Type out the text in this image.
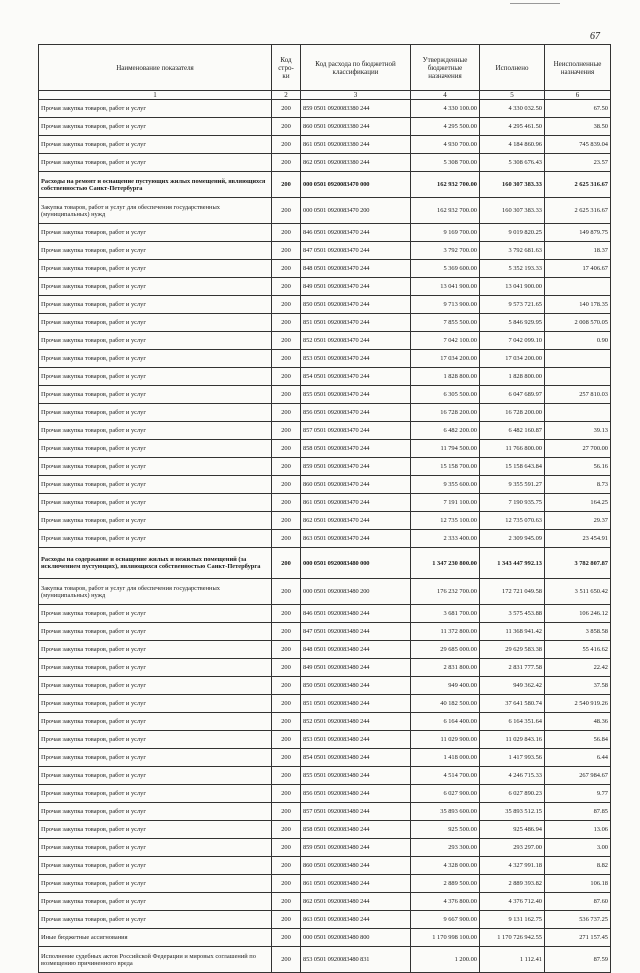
67
Наименование показателя	Код стро- ки	Код расхода по бюджетной классификации	Утвержденные бюджетные назначения	Исполнено	Неисполненные назначения
1	2	3	4	5	6
Прочая закупка товаров, работ и услуг	200	859 0501 0920083380 244	4 330 100.00	4 330 032.50	67.50
Прочая закупка товаров, работ и услуг	200	860 0501 0920083380 244	4 295 500.00	4 295 461.50	38.50
Прочая закупка товаров, работ и услуг	200	861 0501 0920083380 244	4 930 700.00	4 184 860.96	745 839.04
Прочая закупка товаров, работ и услуг	200	862 0501 0920083380 244	5 308 700.00	5 308 676.43	23.57
Расходы на ремонт и оснащение пустующих жилых помещений, являющихся собственностью Санкт-Петербурга	200	000 0501 0920083470 000	162 932 700.00	160 307 383.33	2 625 316.67
Закупка товаров, работ и услуг для обеспечения государственных (муниципальных) нужд	200	000 0501 0920083470 200	162 932 700.00	160 307 383.33	2 625 316.67
Прочая закупка товаров, работ и услуг	200	846 0501 0920083470 244	9 169 700.00	9 019 820.25	149 879.75
Прочая закупка товаров, работ и услуг	200	847 0501 0920083470 244	3 792 700.00	3 792 681.63	18.37
Прочая закупка товаров, работ и услуг	200	848 0501 0920083470 244	5 369 600.00	5 352 193.33	17 406.67
Прочая закупка товаров, работ и услуг	200	849 0501 0920083470 244	13 041 900.00	13 041 900.00	
Прочая закупка товаров, работ и услуг	200	850 0501 0920083470 244	9 713 900.00	9 573 721.65	140 178.35
Прочая закупка товаров, работ и услуг	200	851 0501 0920083470 244	7 855 500.00	5 846 929.95	2 008 570.05
Прочая закупка товаров, работ и услуг	200	852 0501 0920083470 244	7 042 100.00	7 042 099.10	0.90
Прочая закупка товаров, работ и услуг	200	853 0501 0920083470 244	17 034 200.00	17 034 200.00	
Прочая закупка товаров, работ и услуг	200	854 0501 0920083470 244	1 828 800.00	1 828 800.00	
Прочая закупка товаров, работ и услуг	200	855 0501 0920083470 244	6 305 500.00	6 047 689.97	257 810.03
Прочая закупка товаров, работ и услуг	200	856 0501 0920083470 244	16 728 200.00	16 728 200.00	
Прочая закупка товаров, работ и услуг	200	857 0501 0920083470 244	6 482 200.00	6 482 160.87	39.13
Прочая закупка товаров, работ и услуг	200	858 0501 0920083470 244	11 794 500.00	11 766 800.00	27 700.00
Прочая закупка товаров, работ и услуг	200	859 0501 0920083470 244	15 158 700.00	15 158 643.84	56.16
Прочая закупка товаров, работ и услуг	200	860 0501 0920083470 244	9 355 600.00	9 355 591.27	8.73
Прочая закупка товаров, работ и услуг	200	861 0501 0920083470 244	7 191 100.00	7 190 935.75	164.25
Прочая закупка товаров, работ и услуг	200	862 0501 0920083470 244	12 735 100.00	12 735 070.63	29.37
Прочая закупка товаров, работ и услуг	200	863 0501 0920083470 244	2 333 400.00	2 309 945.09	23 454.91
Расходы на содержание и оснащение жилых и нежилых помещений (за исключением пустующих), являющихся собственностью Санкт-Петербурга	200	000 0501 0920083480 000	1 347 230 800.00	1 343 447 992.13	3 782 807.87
Закупка товаров, работ и услуг для обеспечения государственных (муниципальных) нужд	200	000 0501 0920083480 200	176 232 700.00	172 721 049.58	3 511 650.42
Прочая закупка товаров, работ и услуг	200	846 0501 0920083480 244	3 681 700.00	3 575 453.88	106 246.12
Прочая закупка товаров, работ и услуг	200	847 0501 0920083480 244	11 372 800.00	11 368 941.42	3 858.58
Прочая закупка товаров, работ и услуг	200	848 0501 0920083480 244	29 685 000.00	29 629 583.38	55 416.62
Прочая закупка товаров, работ и услуг	200	849 0501 0920083480 244	2 831 800.00	2 831 777.58	22.42
Прочая закупка товаров, работ и услуг	200	850 0501 0920083480 244	949 400.00	949 362.42	37.58
Прочая закупка товаров, работ и услуг	200	851 0501 0920083480 244	40 182 500.00	37 641 580.74	2 540 919.26
Прочая закупка товаров, работ и услуг	200	852 0501 0920083480 244	6 164 400.00	6 164 351.64	48.36
Прочая закупка товаров, работ и услуг	200	853 0501 0920083480 244	11 029 900.00	11 029 843.16	56.84
Прочая закупка товаров, работ и услуг	200	854 0501 0920083480 244	1 418 000.00	1 417 993.56	6.44
Прочая закупка товаров, работ и услуг	200	855 0501 0920083480 244	4 514 700.00	4 246 715.33	267 984.67
Прочая закупка товаров, работ и услуг	200	856 0501 0920083480 244	6 027 900.00	6 027 890.23	9.77
Прочая закупка товаров, работ и услуг	200	857 0501 0920083480 244	35 893 600.00	35 893 512.15	87.85
Прочая закупка товаров, работ и услуг	200	858 0501 0920083480 244	925 500.00	925 486.94	13.06
Прочая закупка товаров, работ и услуг	200	859 0501 0920083480 244	293 300.00	293 297.00	3.00
Прочая закупка товаров, работ и услуг	200	860 0501 0920083480 244	4 328 000.00	4 327 991.18	8.82
Прочая закупка товаров, работ и услуг	200	861 0501 0920083480 244	2 889 500.00	2 889 393.82	106.18
Прочая закупка товаров, работ и услуг	200	862 0501 0920083480 244	4 376 800.00	4 376 712.40	87.60
Прочая закупка товаров, работ и услуг	200	863 0501 0920083480 244	9 667 900.00	9 131 162.75	536 737.25
Иные бюджетные ассигнования	200	000 0501 0920083480 800	1 170 998 100.00	1 170 726 942.55	271 157.45
Исполнение судебных актов Российской Федерации и мировых соглашений по возмещению причиненного вреда	200	853 0501 0920083480 831	1 200.00	1 112.41	87.59
